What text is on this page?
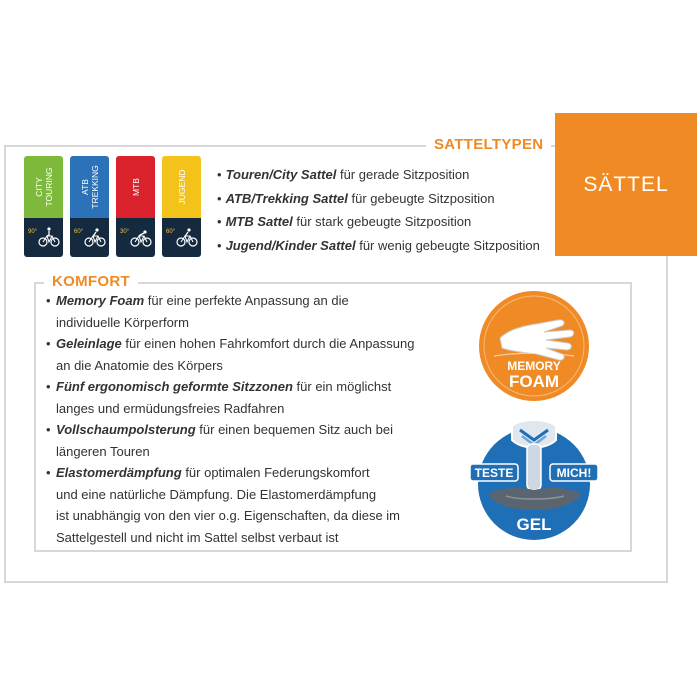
SÄTTEL
SATTELTYPEN
CITY
TOURING
90°
ATB
TREKKING
60°
MTB
30°
JUGEND
60°
• Touren/City Sattel für gerade Sitzposition
• ATB/Trekking Sattel für gebeugte Sitzposition
• MTB Sattel für stark gebeugte Sitzposition
• Jugend/Kinder Sattel für wenig gebeugte Sitzposition
KOMFORT
• Memory Foam für eine perfekte Anpassung an die
individuelle Körperform
• Geleinlage für einen hohen Fahrkomfort durch die Anpassung
an die Anatomie des Körpers
• Fünf ergonomisch geformte Sitzzonen für ein möglichst
langes und ermüdungsfreies Radfahren
• Vollschaumpolsterung für einen bequemen Sitz auch bei
längeren Touren
• Elastomerdämpfung für optimalen Federungskomfort
und eine natürliche Dämpfung. Die Elastomerdämpfung
ist unabhängig von den vier o.g. Eigenschaften, da diese im
Sattelgestell und nicht im Sattel selbst verbaut ist
MEMORY
FOAM
TESTE	MICH!
GEL
